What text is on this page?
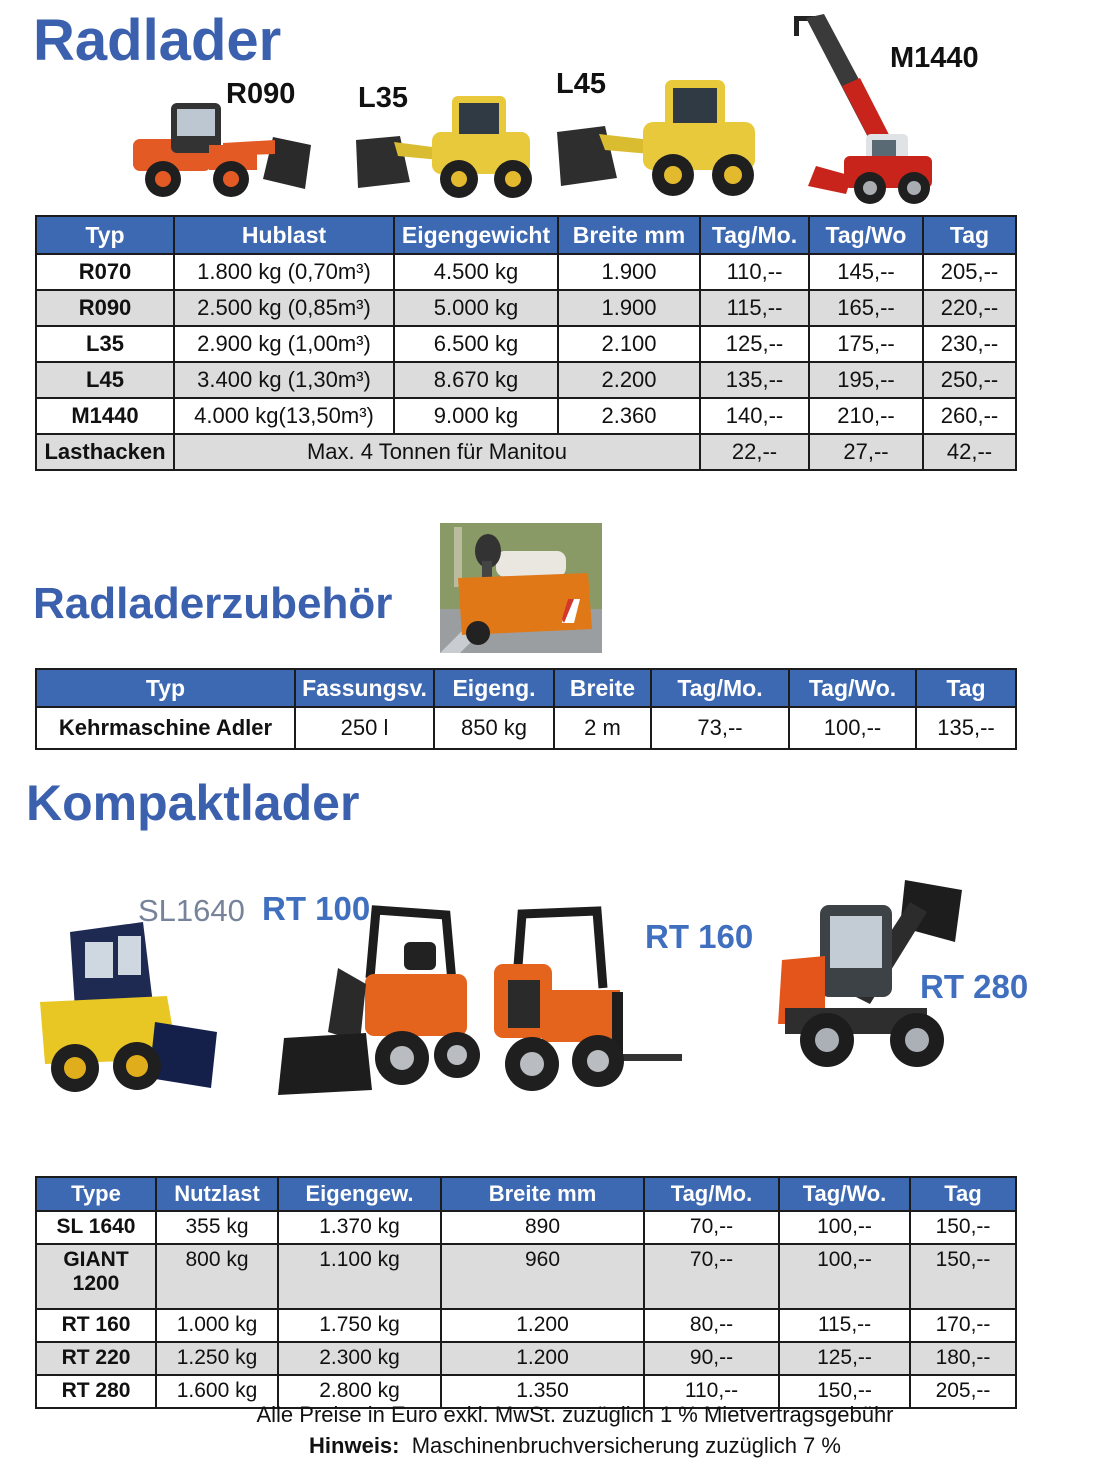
Radlader
R090 L35	L45
M1440
Typ	Hublast	Eigengewicht	Breite mm	Tag/Mo.	Tag/Wo	Tag
R070	1.800 kg (0,70m³)	4.500 kg	1.900	110,--	145,--	205,--
R090	2.500 kg (0,85m³)	5.000 kg	1.900	115,--	165,--	220,--
L35	2.900 kg (1,00m³)	6.500 kg	2.100	125,--	175,--	230,--
L45	3.400 kg (1,30m³)	8.670 kg	2.200	135,--	195,--	250,--
M1440	4.000 kg(13,50m³)	9.000 kg	2.360	140,--	210,--	260,--
Lasthacken	Max. 4 Tonnen für Manitou			22,--	27,--	42,--
Radladerzubehör
Typ	Fassungsv.	Eigeng.	Breite	Tag/Mo.	Tag/Wo.	Tag
Kehrmaschine Adler	250 l	850 kg	2 m	73,--	100,--	135,--
Kompaktlader
SL1640 RT 100
RT 160
RT 280
Type	Nutzlast	Eigengew.	Breite mm	Tag/Mo.	Tag/Wo.	Tag
SL 1640	355 kg	1.370 kg	890	70,--	100,--	150,--
GIANT 1200	800 kg	1.100 kg	960	70,--	100,--	150,--
RT 160	1.000 kg	1.750 kg	1.200	80,--	115,--	170,--
RT 220	1.250 kg	2.300 kg	1.200	90,--	125,--	180,--
RT 280	1.600 kg	2.800 kg	1.350	110,--	150,--	205,--
Alle Preise in Euro exkl. MwSt. zuzüglich 1 % Mietvertragsgebühr
Hinweis: Maschinenbruchversicherung zuzüglich 7 %
